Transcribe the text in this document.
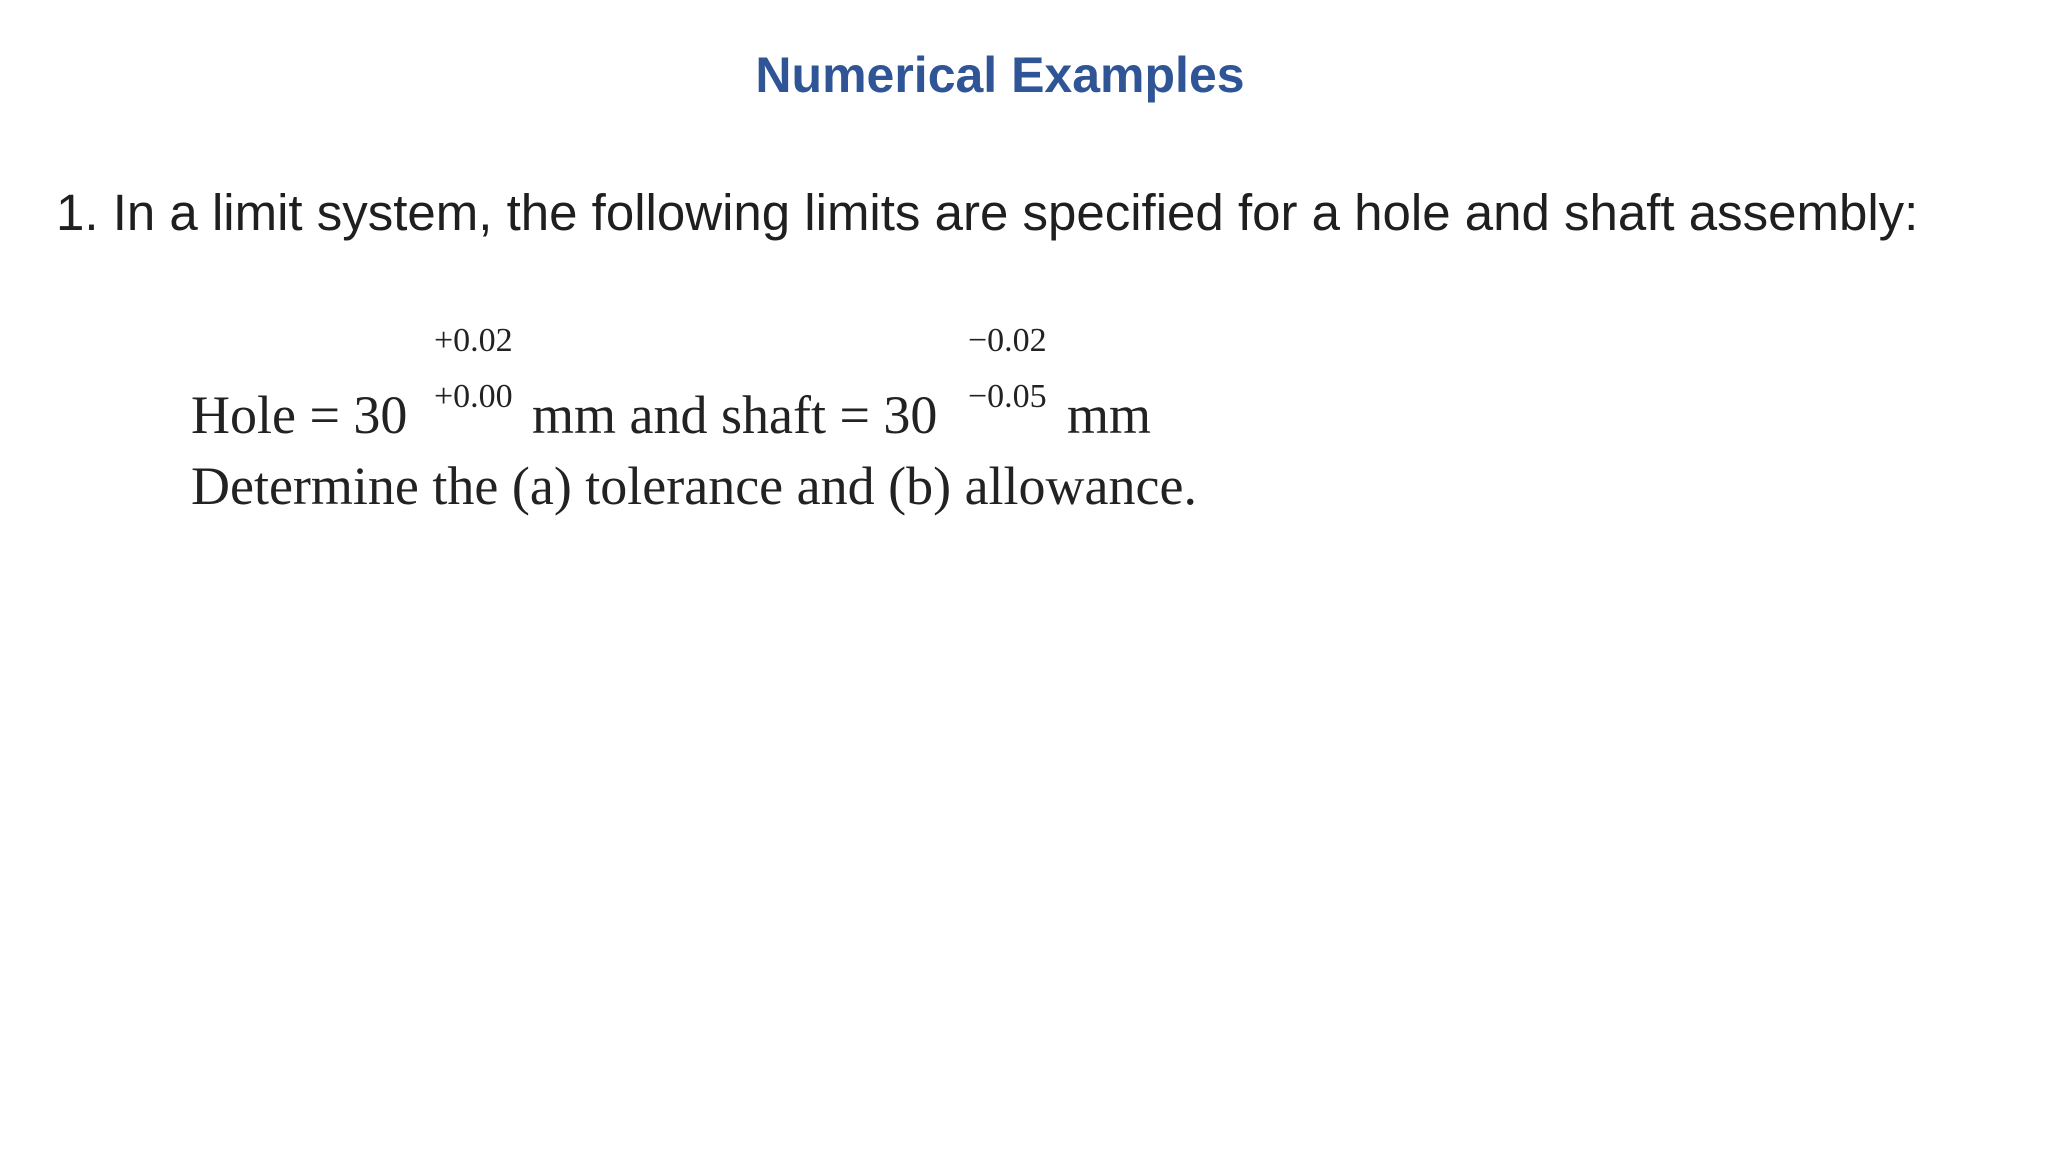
Numerical Examples
1. In a limit system, the following limits are specified for a hole and shaft assembly:
Hole = 30
+0.02
+0.00 mm and shaft = 30
−0.02
−0.05 mm
Determine the (a) tolerance and (b) allowance.
